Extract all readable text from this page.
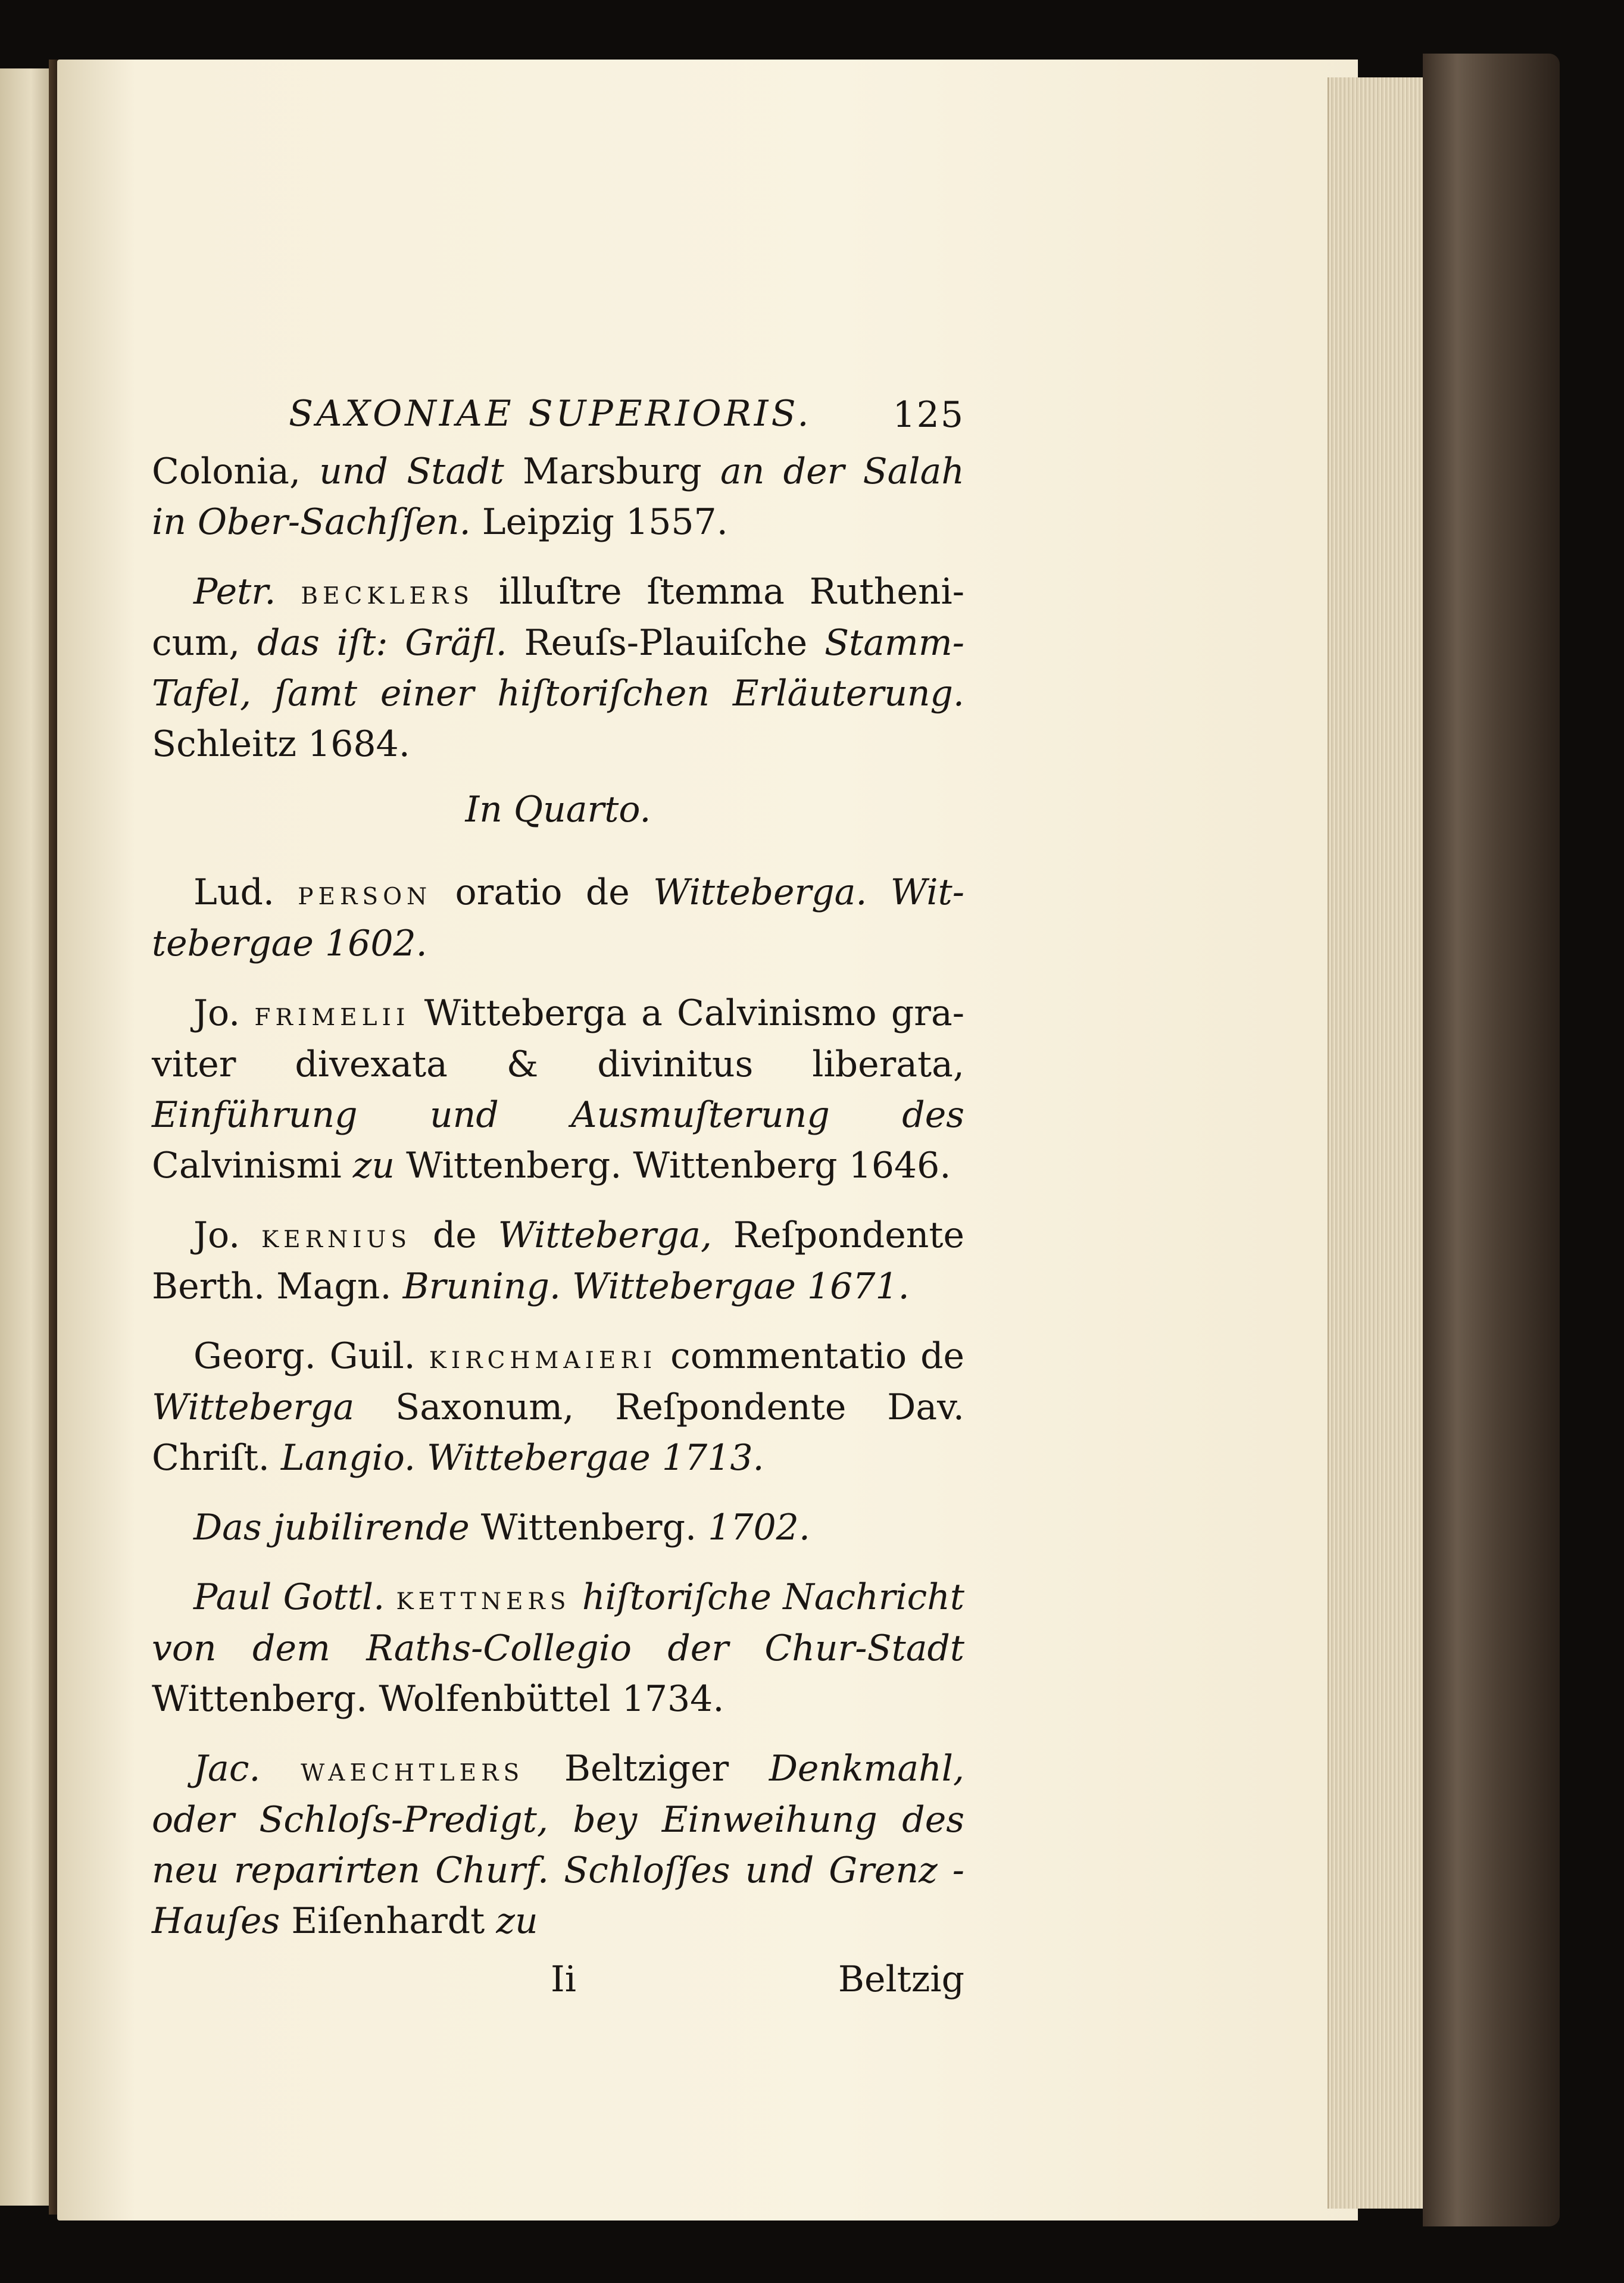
SAXONIAE SUPERIORIS. 125

Colonia, und Stadt Marsburg an der Salah in Ober-Sachſſen. Leipzig 1557.

Petr. becklers illuſtre ſtemma Ruthenicum, das iſt: Gräfl. Reuſs-Plauiſche Stamm-Tafel, ſamt einer hiſtoriſchen Erläuterung. Schleitz 1684.

In Quarto.

Lud. person oratio de Witteberga. Wittebergae 1602.

Jo. frimelii Witteberga a Calvinismo graviter divexata & divinitus liberata, Einführung und Ausmuſterung des Calvinismi zu Wittenberg. Wittenberg 1646.

Jo. kernius de Witteberga, Reſpondente Berth. Magn. Bruning. Wittebergae 1671.

Georg. Guil. kirchmaieri commentatio de Witteberga Saxonum, Reſpondente Dav. Chriſt. Langio. Wittebergae 1713.

Das jubilirende Wittenberg. 1702.

Paul Gottl. kettners hiſtoriſche Nachricht von dem Raths-Collegio der Chur-Stadt Wittenberg. Wolfenbüttel 1734.

Jac. waechtlers Beltziger Denkmahl, oder Schloſs-Predigt, bey Einweihung des neu reparirten Churf. Schloſſes und Grenz - Hauſes Eiſenhardt zu

Ii	Beltzig
